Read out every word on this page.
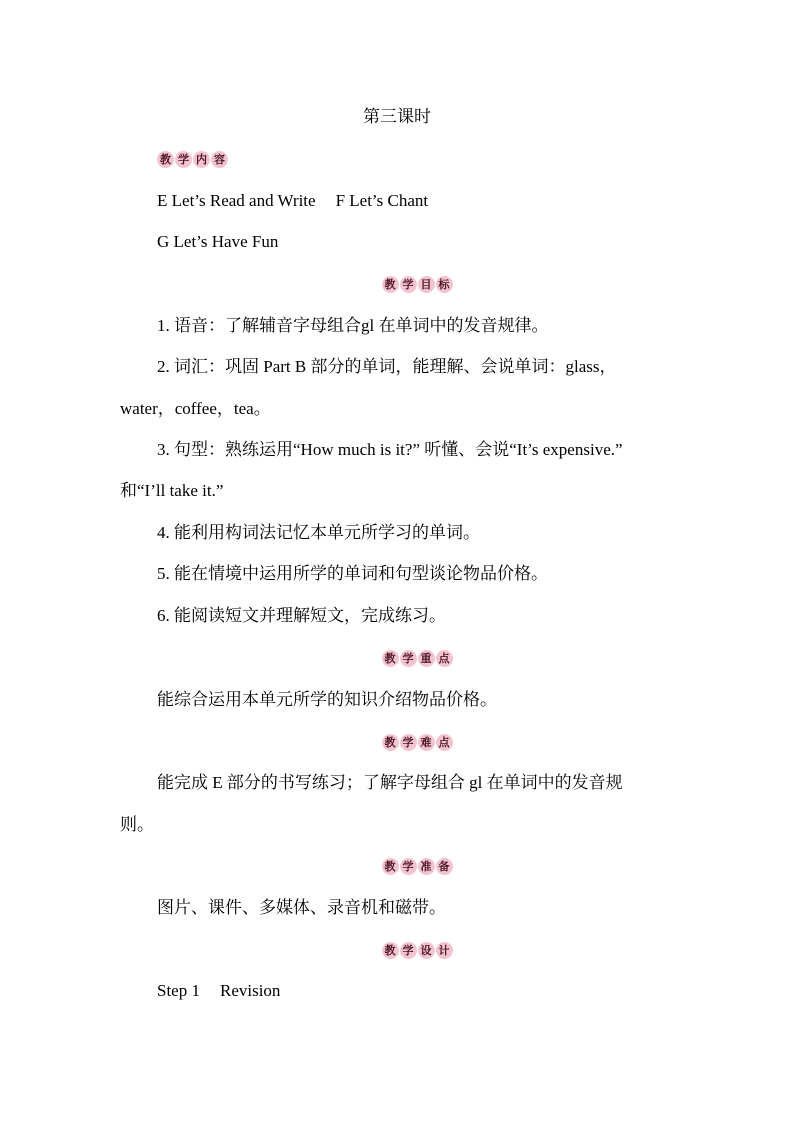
第三课时
教 学 内 容
E Let’s Read and Write F Let’s Chant
G Let’s Have Fun
教 学 目 标
1. 语音：了解辅音字母组合gl 在单词中的发音规律。
2. 词汇：巩固 Part B 部分的单词，能理解、会说单词：glass，
water，coffee，tea。
3. 句型：熟练运用“How much is it?” 听懂、会说“It’s expensive.”
和“I’ll take it.”
4. 能利用构词法记忆本单元所学习的单词。
5. 能在情境中运用所学的单词和句型谈论物品价格。
6. 能阅读短文并理解短文，完成练习。
教 学 重 点
能综合运用本单元所学的知识介绍物品价格。
教 学 难 点
能完成 E 部分的书写练习；了解字母组合 gl 在单词中的发音规
则。
教 学 准 备
图片、课件、多媒体、录音机和磁带。
教 学 设 计
Step 1 Revision
